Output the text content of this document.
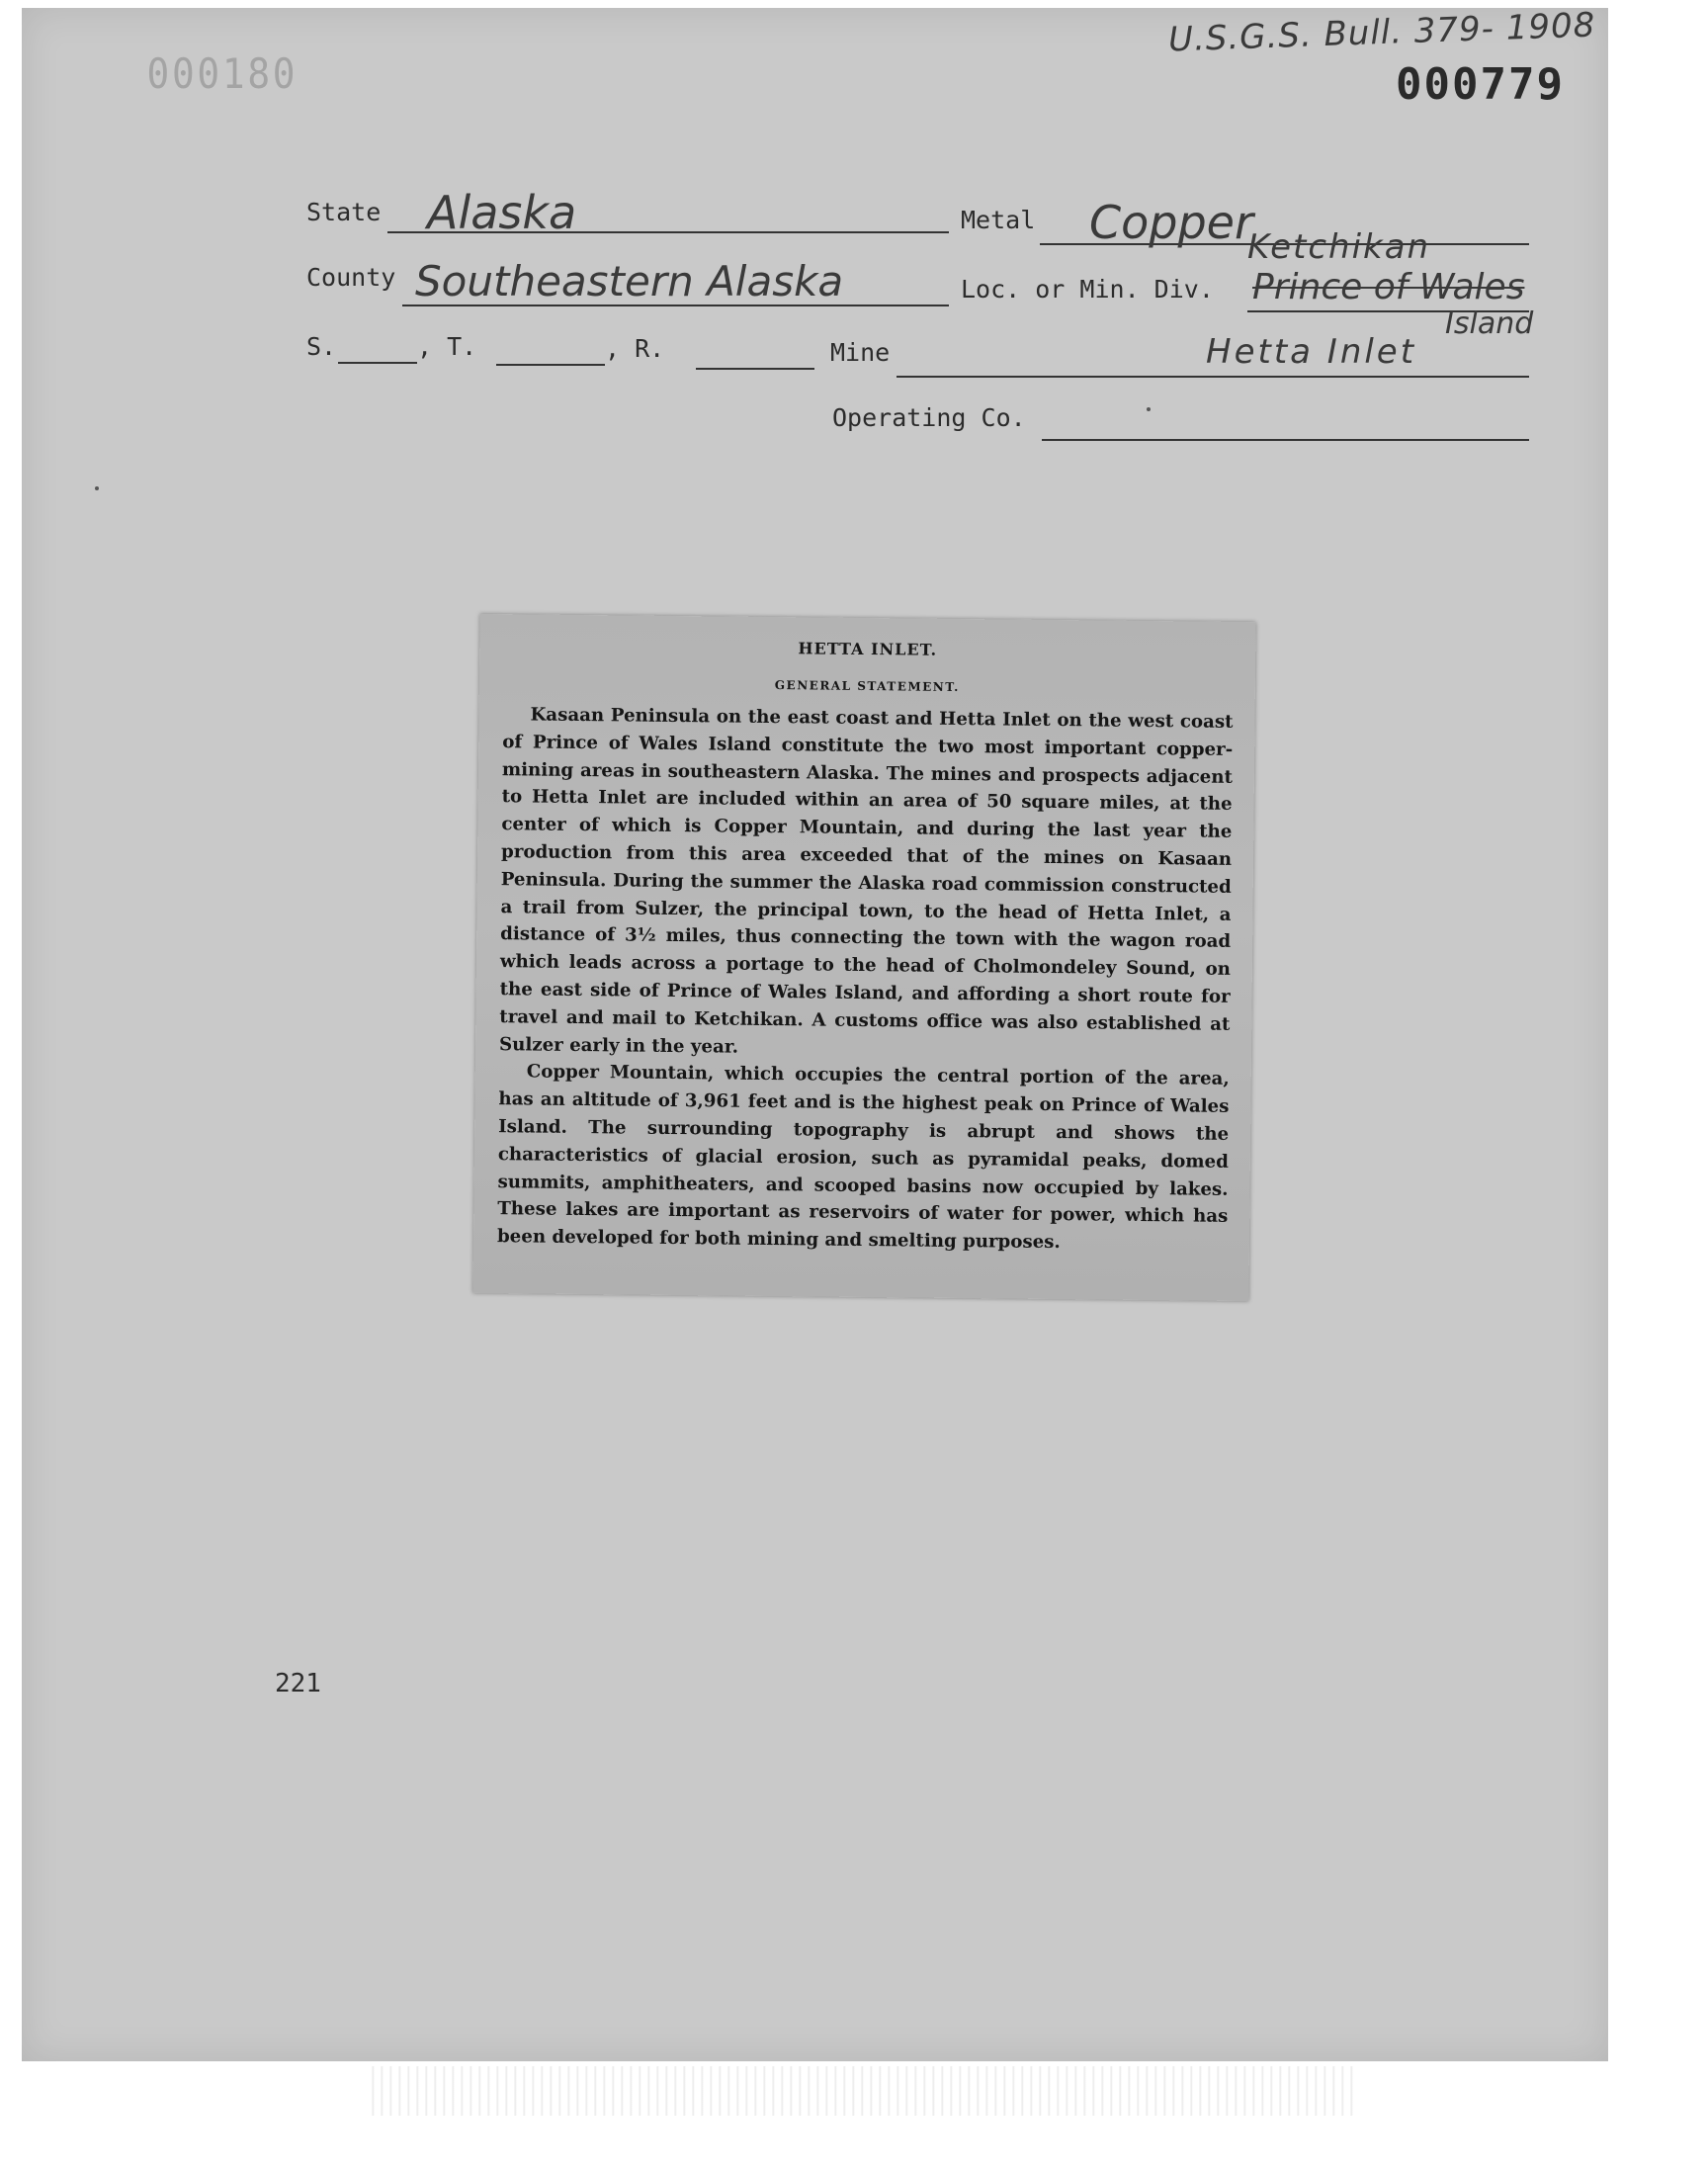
000180
U.S.G.S. Bull. 379- 1908
000779
State Alaska	Metal Copper
County Southeastern Alaska	Loc. or Min. Div.
Ketchikan
Prince of Wales
Island
S.	, T.	, R.	Mine	Hetta Inlet
Operating Co.
HETTA INLET.
GENERAL STATEMENT.

Kasaan Peninsula on the east coast and Hetta Inlet on the west coast of Prince of Wales Island constitute the two most important copper-mining areas in southeastern Alaska. The mines and prospects adjacent to Hetta Inlet are included within an area of 50 square miles, at the center of which is Copper Mountain, and during the last year the production from this area exceeded that of the mines on Kasaan Peninsula. During the summer the Alaska road commission constructed a trail from Sulzer, the principal town, to the head of Hetta Inlet, a distance of 3½ miles, thus connecting the town with the wagon road which leads across a portage to the head of Cholmondeley Sound, on the east side of Prince of Wales Island, and affording a short route for travel and mail to Ketchikan. A customs office was also established at Sulzer early in the year.

Copper Mountain, which occupies the central portion of the area, has an altitude of 3,961 feet and is the highest peak on Prince of Wales Island. The surrounding topography is abrupt and shows the characteristics of glacial erosion, such as pyramidal peaks, domed summits, amphitheaters, and scooped basins now occupied by lakes. These lakes are important as reservoirs of water for power, which has been developed for both mining and smelting purposes.

221
